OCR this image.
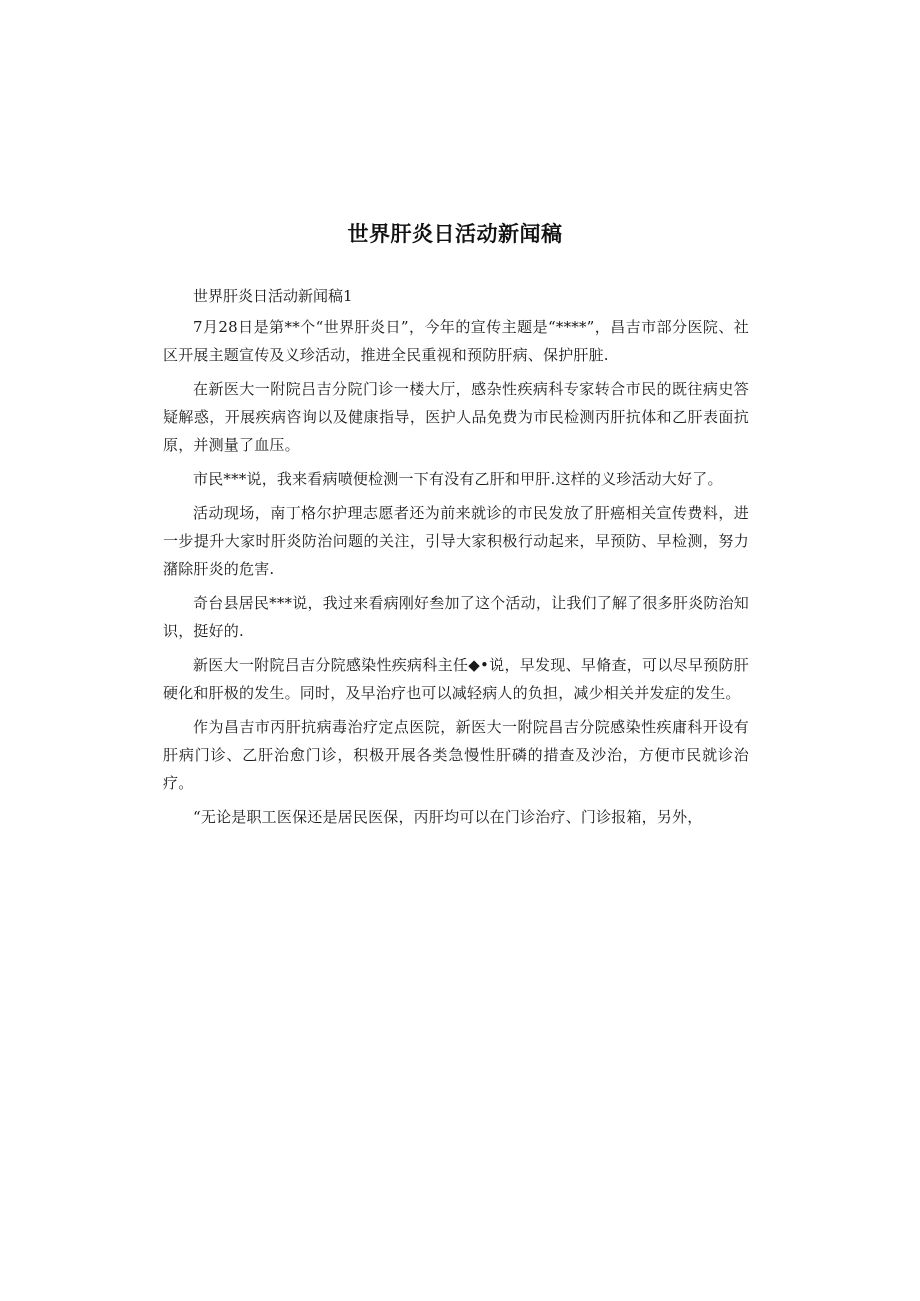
世界肝炎日活动新闻稿

世界肝炎日活动新闻稿1

7月28日是第**个“世界肝炎日”，今年的宣传主题是“****”，昌吉市部分医院、社区开展主题宣传及义珍活动，推进全民重视和预防肝病、保护肝脏.

在新医大一附院吕吉分院门诊一楼大厅，感杂性疾病科专家转合市民的既往病史答疑解惑，开展疾病咨询以及健康指导，医护人品免费为市民检测丙肝抗体和乙肝表面抗原，并测量了血压。

市民***说，我来看病喷便检测一下有没有乙肝和甲肝.这样的义珍活动大好了。

活动现场，南丁格尔护理志愿者还为前来就诊的市民发放了肝癌相关宣传费料，进一步提升大家时肝炎防治问题的关注，引导大家积极行动起来，早预防、早检测，努力潴除肝炎的危害.

奇台县居民***说，我过来看病刚好叁加了这个活动，让我们了解了很多肝炎防治知识，挺好的.

新医大一附院吕吉分院感染性疾病科主任◆•说，早发现、早脩查，可以尽早预防肝硬化和肝极的发生。同时，及早治疗也可以减轻病人的负担，减少相关并发症的发生。

作为昌吉市丙肝抗病毒治疗定点医院，新医大一附院昌吉分院感染性疾庸科开设有肝病门诊、乙肝治愈门诊，积极开展各类急慢性肝磷的措查及沙治，方便市民就诊治疗。

“无论是职工医保还是居民医保，丙肝均可以在门诊治疗、门诊报箱，另外，
